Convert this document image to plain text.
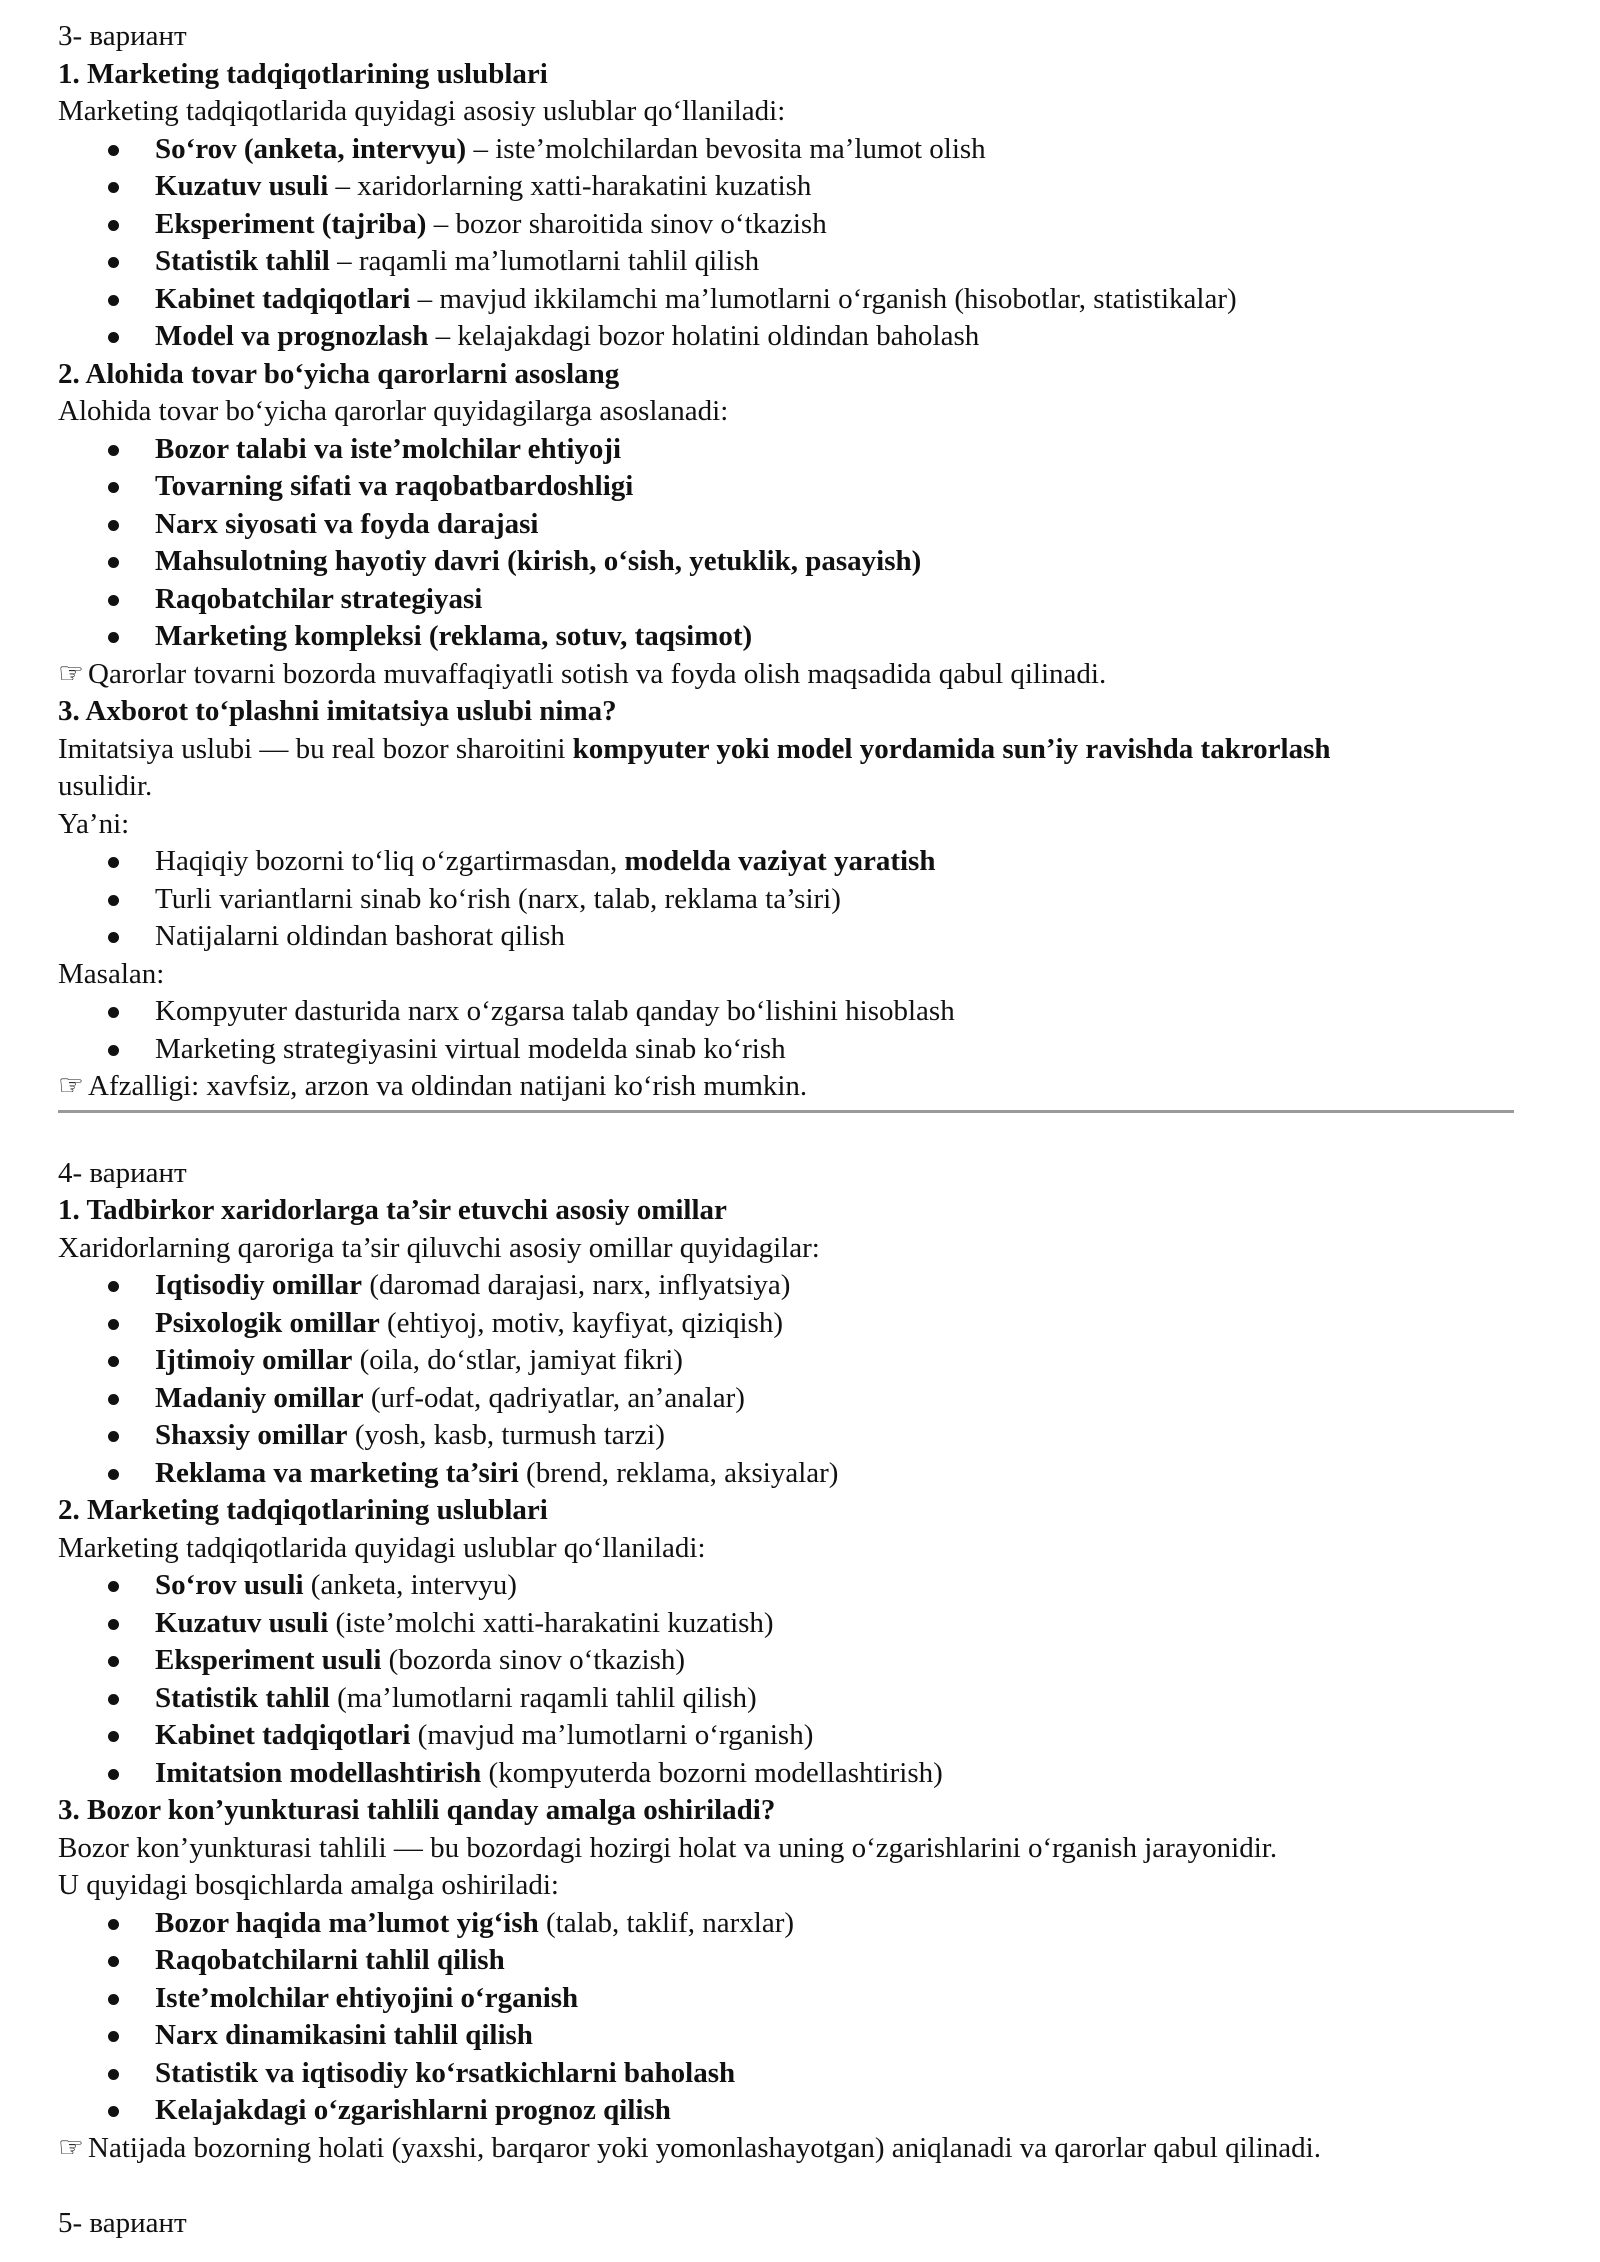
3- вариант
1. Marketing tadqiqotlarining uslublari
Marketing tadqiqotlarida quyidagi asosiy uslublar qo‘llaniladi:
So‘rov (anketa, intervyu) – iste’molchilardan bevosita ma’lumot olish
Kuzatuv usuli – xaridorlarning xatti-harakatini kuzatish
Eksperiment (tajriba) – bozor sharoitida sinov o‘tkazish
Statistik tahlil – raqamli ma’lumotlarni tahlil qilish
Kabinet tadqiqotlari – mavjud ikkilamchi ma’lumotlarni o‘rganish (hisobotlar, statistikalar)
Model va prognozlash – kelajakdagi bozor holatini oldindan baholash
2. Alohida tovar bo‘yicha qarorlarni asoslang
Alohida tovar bo‘yicha qarorlar quyidagilarga asoslanadi:
Bozor talabi va iste’molchilar ehtiyoji
Tovarning sifati va raqobatbardoshligi
Narx siyosati va foyda darajasi
Mahsulotning hayotiy davri (kirish, o‘sish, yetuklik, pasayish)
Raqobatchilar strategiyasi
Marketing kompleksi (reklama, sotuv, taqsimot)
☞ Qarorlar tovarni bozorda muvaffaqiyatli sotish va foyda olish maqsadida qabul qilinadi.
3. Axborot to‘plashni imitatsiya uslubi nima?
Imitatsiya uslubi — bu real bozor sharoitini kompyuter yoki model yordamida sun’iy ravishda takrorlash
usulidir.
Ya’ni:
Haqiqiy bozorni to‘liq o‘zgartirmasdan, modelda vaziyat yaratish
Turli variantlarni sinab ko‘rish (narx, talab, reklama ta’siri)
Natijalarni oldindan bashorat qilish
Masalan:
Kompyuter dasturida narx o‘zgarsa talab qanday bo‘lishini hisoblash
Marketing strategiyasini virtual modelda sinab ko‘rish
☞ Afzalligi: xavfsiz, arzon va oldindan natijani ko‘rish mumkin.
4- вариант
1. Tadbirkor xaridorlarga ta’sir etuvchi asosiy omillar
Xaridorlarning qaroriga ta’sir qiluvchi asosiy omillar quyidagilar:
Iqtisodiy omillar (daromad darajasi, narx, inflyatsiya)
Psixologik omillar (ehtiyoj, motiv, kayfiyat, qiziqish)
Ijtimoiy omillar (oila, do‘stlar, jamiyat fikri)
Madaniy omillar (urf-odat, qadriyatlar, an’analar)
Shaxsiy omillar (yosh, kasb, turmush tarzi)
Reklama va marketing ta’siri (brend, reklama, aksiyalar)
2. Marketing tadqiqotlarining uslublari
Marketing tadqiqotlarida quyidagi uslublar qo‘llaniladi:
So‘rov usuli (anketa, intervyu)
Kuzatuv usuli (iste’molchi xatti-harakatini kuzatish)
Eksperiment usuli (bozorda sinov o‘tkazish)
Statistik tahlil (ma’lumotlarni raqamli tahlil qilish)
Kabinet tadqiqotlari (mavjud ma’lumotlarni o‘rganish)
Imitatsion modellashtirish (kompyuterda bozorni modellashtirish)
3. Bozor kon’yunkturasi tahlili qanday amalga oshiriladi?
Bozor kon’yunkturasi tahlili — bu bozordagi hozirgi holat va uning o‘zgarishlarini o‘rganish jarayonidir.
U quyidagi bosqichlarda amalga oshiriladi:
Bozor haqida ma’lumot yig‘ish (talab, taklif, narxlar)
Raqobatchilarni tahlil qilish
Iste’molchilar ehtiyojini o‘rganish
Narx dinamikasini tahlil qilish
Statistik va iqtisodiy ko‘rsatkichlarni baholash
Kelajakdagi o‘zgarishlarni prognoz qilish
☞ Natijada bozorning holati (yaxshi, barqaror yoki yomonlashayotgan) aniqlanadi va qarorlar qabul qilinadi.
5- вариант
